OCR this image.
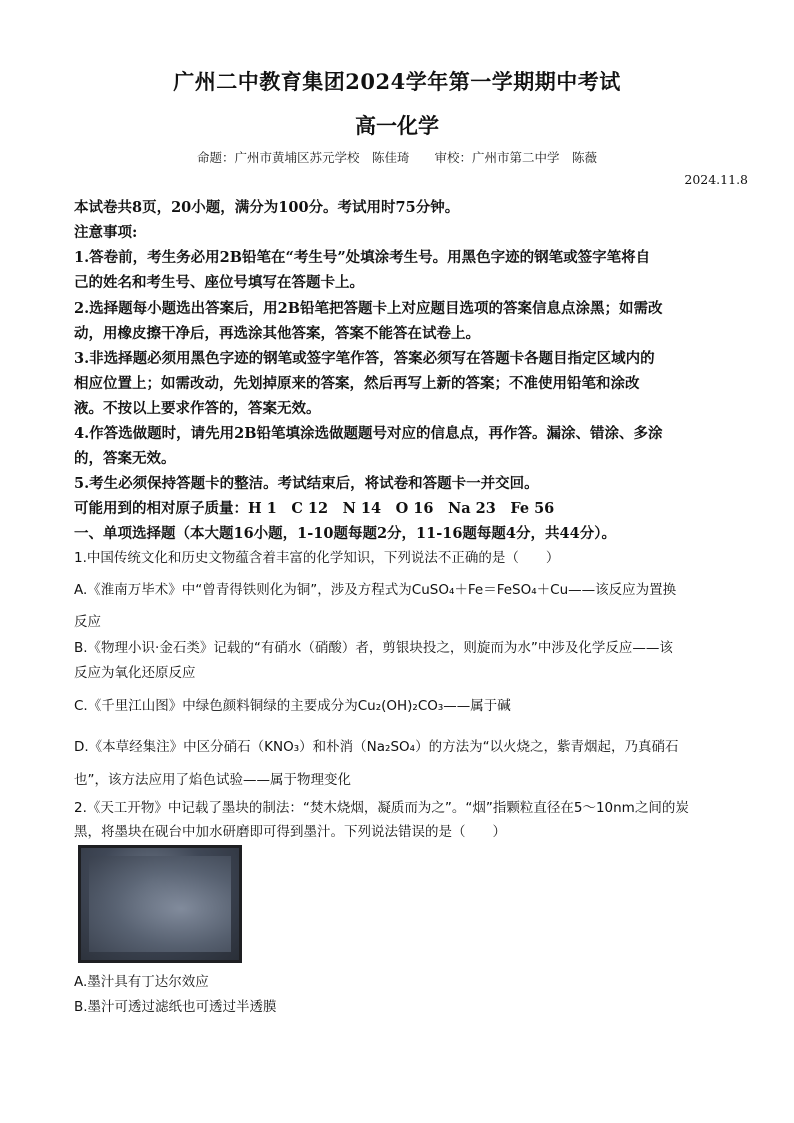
广州二中教育集团2024学年第一学期期中考试
高一化学
命题：广州市黄埔区苏元学校　陈佳琦　　审校：广州市第二中学　陈薇
2024.11.8
本试卷共8页，20小题，满分为100分。考试用时75分钟。
注意事项:
1.答卷前，考生务必用2B铅笔在“考生号”处填涂考生号。用黑色字迹的钢笔或签字笔将自
己的姓名和考生号、座位号填写在答题卡上。
2.选择题每小题选出答案后，用2B铅笔把答题卡上对应题目选项的答案信息点涂黑；如需改
动，用橡皮擦干净后，再选涂其他答案，答案不能答在试卷上。
3.非选择题必须用黑色字迹的钢笔或签字笔作答，答案必须写在答题卡各题目指定区域内的
相应位置上；如需改动，先划掉原来的答案，然后再写上新的答案；不准使用铅笔和涂改
液。不按以上要求作答的，答案无效。
4.作答选做题时，请先用2B铅笔填涂选做题题号对应的信息点，再作答。漏涂、错涂、多涂
的，答案无效。
5.考生必须保持答题卡的整洁。考试结束后，将试卷和答题卡一并交回。
可能用到的相对原子质量：H 1　C 12　N 14　O 16　Na 23　Fe 56
一、单项选择题（本大题16小题，1-10题每题2分，11-16题每题4分，共44分）。
1.中国传统文化和历史文物蕴含着丰富的化学知识，下列说法不正确的是（　　）
A.《淮南万毕术》中“曾青得铁则化为铜”，涉及方程式为CuSO₄＋Fe＝FeSO₄＋Cu——该反应为置换
反应
B.《物理小识·金石类》记载的“有硝水（硝酸）者，剪银块投之，则旋而为水”中涉及化学反应——该
反应为氧化还原反应
C.《千里江山图》中绿色颜料铜绿的主要成分为Cu₂(OH)₂CO₃——属于碱
D.《本草经集注》中区分硝石（KNO₃）和朴消（Na₂SO₄）的方法为“以火烧之，紫青烟起，乃真硝石
也”，该方法应用了焰色试验——属于物理变化
2.《天工开物》中记载了墨块的制法：“焚木烧烟，凝质而为之”。“烟”指颗粒直径在5～10nm之间的炭
黑，将墨块在砚台中加水研磨即可得到墨汁。下列说法错误的是（　　）
A.墨汁具有丁达尔效应
B.墨汁可透过滤纸也可透过半透膜
